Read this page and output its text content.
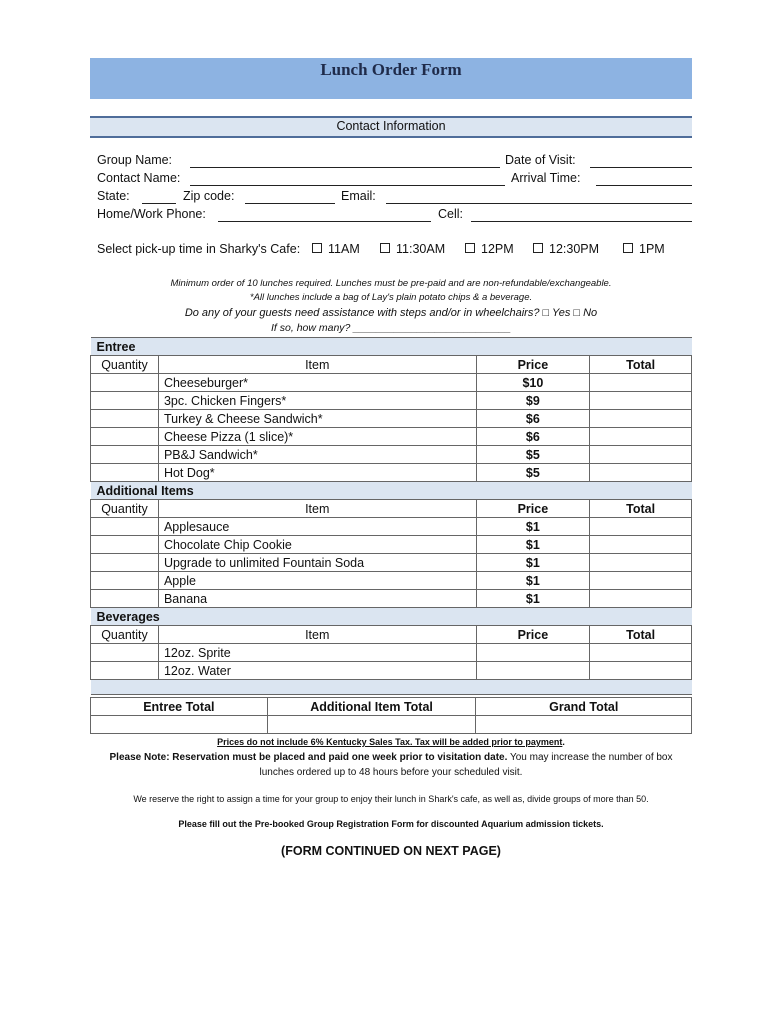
Lunch Order Form
Contact Information
Group Name:	Date of Visit:
Contact Name:	Arrival Time:
State:	Zip code:	Email:
Home/Work Phone:	Cell:
Select pick-up time in Sharky's Cafe:	11AM	11:30AM	12PM	12:30PM	1PM
Minimum order of 10 lunches required. Lunches must be pre-paid and are non-refundable/exchangeable.
*All lunches include a bag of Lay's plain potato chips & a beverage.
Do any of your guests need assistance with steps and/or in wheelchairs? □ Yes □ No
If so, how many? ___________________________
Entree			
Quantity	Item	Price	Total
	Cheeseburger*	$10	
	3pc. Chicken Fingers*	$9	
	Turkey & Cheese Sandwich*	$6	
	Cheese Pizza (1 slice)*	$6	
	PB&J Sandwich*	$5	
	Hot Dog*	$5	
Additional Items			
Quantity	Item	Price	Total
	Applesauce	$1	
	Chocolate Chip Cookie	$1	
	Upgrade to unlimited Fountain Soda	$1	
	Apple	$1	
	Banana	$1	
Beverages			
Quantity	Item	Price	Total
	12oz. Sprite		
	12oz. Water		

Entree Total	Additional Item Total	Grand Total

Prices do not include 6% Kentucky Sales Tax. Tax will be added prior to payment.
Please Note: Reservation must be placed and paid one week prior to visitation date. You may increase the number of box
lunches ordered up to 48 hours before your scheduled visit.
We reserve the right to assign a time for your group to enjoy their lunch in Shark's cafe, as well as, divide groups of more than 50.
Please fill out the Pre-booked Group Registration Form for discounted Aquarium admission tickets.
(FORM CONTINUED ON NEXT PAGE)
